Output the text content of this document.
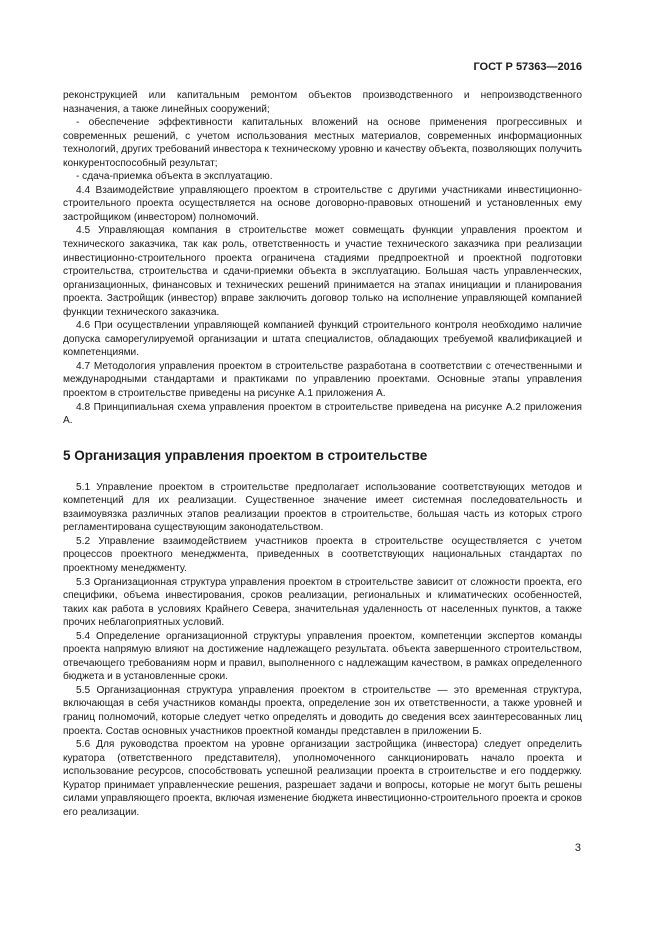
ГОСТ Р 57363—2016

реконструкцией или капитальным ремонтом объектов производственного и непроизводственного назначения, а также линейных сооружений;

- обеспечение эффективности капитальных вложений на основе применения прогрессивных и современных решений, с учетом использования местных материалов, современных информационных технологий, других требований инвестора к техническому уровню и качеству объекта, позволяющих получить конкурентоспособный результат;

- сдача-приемка объекта в эксплуатацию.

4.4 Взаимодействие управляющего проектом в строительстве с другими участниками инвестиционно-строительного проекта осуществляется на основе договорно-правовых отношений и установленных ему застройщиком (инвестором) полномочий.

4.5 Управляющая компания в строительстве может совмещать функции управления проектом и технического заказчика, так как роль, ответственность и участие технического заказчика при реализации инвестиционно-строительного проекта ограничена стадиями предпроектной и проектной подготовки строительства, строительства и сдачи-приемки объекта в эксплуатацию. Большая часть управленческих, организационных, финансовых и технических решений принимается на этапах инициации и планирования проекта. Застройщик (инвестор) вправе заключить договор только на исполнение управляющей компанией функции технического заказчика.

4.6 При осуществлении управляющей компанией функций строительного контроля необходимо наличие допуска саморегулируемой организации и штата специалистов, обладающих требуемой квалификацией и компетенциями.

4.7 Методология управления проектом в строительстве разработана в соответствии с отечественными и международными стандартами и практиками по управлению проектами. Основные этапы управления проектом в строительстве приведены на рисунке А.1 приложения А.

4.8 Принципиальная схема управления проектом в строительстве приведена на рисунке А.2 приложения А.

5 Организация управления проектом в строительстве

5.1 Управление проектом в строительстве предполагает использование соответствующих методов и компетенций для их реализации. Существенное значение имеет системная последовательность и взаимоувязка различных этапов реализации проектов в строительстве, большая часть из которых строго регламентирована существующим законодательством.

5.2 Управление взаимодействием участников проекта в строительстве осуществляется с учетом процессов проектного менеджмента, приведенных в соответствующих национальных стандартах по проектному менеджменту.

5.3 Организационная структура управления проектом в строительстве зависит от сложности проекта, его специфики, объема инвестирования, сроков реализации, региональных и климатических особенностей, таких как работа в условиях Крайнего Севера, значительная удаленность от населенных пунктов, а также прочих неблагоприятных условий.

5.4 Определение организационной структуры управления проектом, компетенции экспертов команды проекта напрямую влияют на достижение надлежащего результата. объекта завершенного строительством, отвечающего требованиям норм и правил, выполненного с надлежащим качеством, в рамках определенного бюджета и в установленные сроки.

5.5 Организационная структура управления проектом в строительстве — это временная структура, включающая в себя участников команды проекта, определение зон их ответственности, а также уровней и границ полномочий, которые следует четко определять и доводить до сведения всех заинтересованных лиц проекта. Состав основных участников проектной команды представлен в приложении Б.

5.6 Для руководства проектом на уровне организации застройщика (инвестора) следует определить куратора (ответственного представителя), уполномоченного санкционировать начало проекта и использование ресурсов, способствовать успешной реализации проекта в строительстве и его поддержку. Куратор принимает управленческие решения, разрешает задачи и вопросы, которые не могут быть решены силами управляющего проекта, включая изменение бюджета инвестиционно-строительного проекта и сроков его реализации.

3
